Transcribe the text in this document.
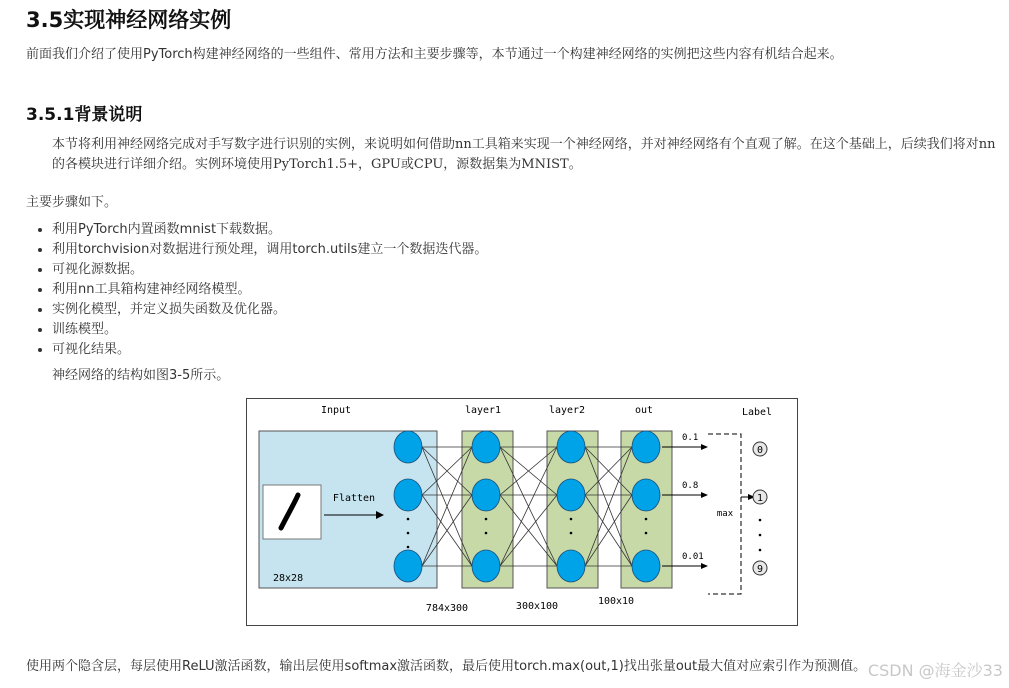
3.5实现神经网络实例
前面我们介绍了使用PyTorch构建神经网络的一些组件、常用方法和主要步骤等，本节通过一个构建神经网络的实例把这些内容有机结合起来。
3.5.1背景说明
本节将利用神经网络完成对手写数字进行识别的实例，来说明如何借助nn工具箱来实现一个神经网络，并对神经网络有个直观了解。在这个基础上，后续我们将对nn的各模块进行详细介绍。实例环境使用PyTorch1.5+，GPU或CPU，源数据集为MNIST。
主要步骤如下。
• 利用PyTorch内置函数mnist下载数据。
• 利用torchvision对数据进行预处理，调用torch.utils建立一个数据迭代器。
• 可视化源数据。
• 利用nn工具箱构建神经网络模型。
• 实例化模型，并定义损失函数及优化器。
• 训练模型。
• 可视化结果。
神经网络的结构如图3-5所示。
Input	layer1	layer2	out	Label
Flatten
28x28
0.1
0.8
0.01
max
0
1
9
784x300	300x100	100x10
使用两个隐含层，每层使用ReLU激活函数，输出层使用softmax激活函数，最后使用torch.max(out,1)找出张量out最大值对应索引作为预测值。 CSDN @海金沙33
